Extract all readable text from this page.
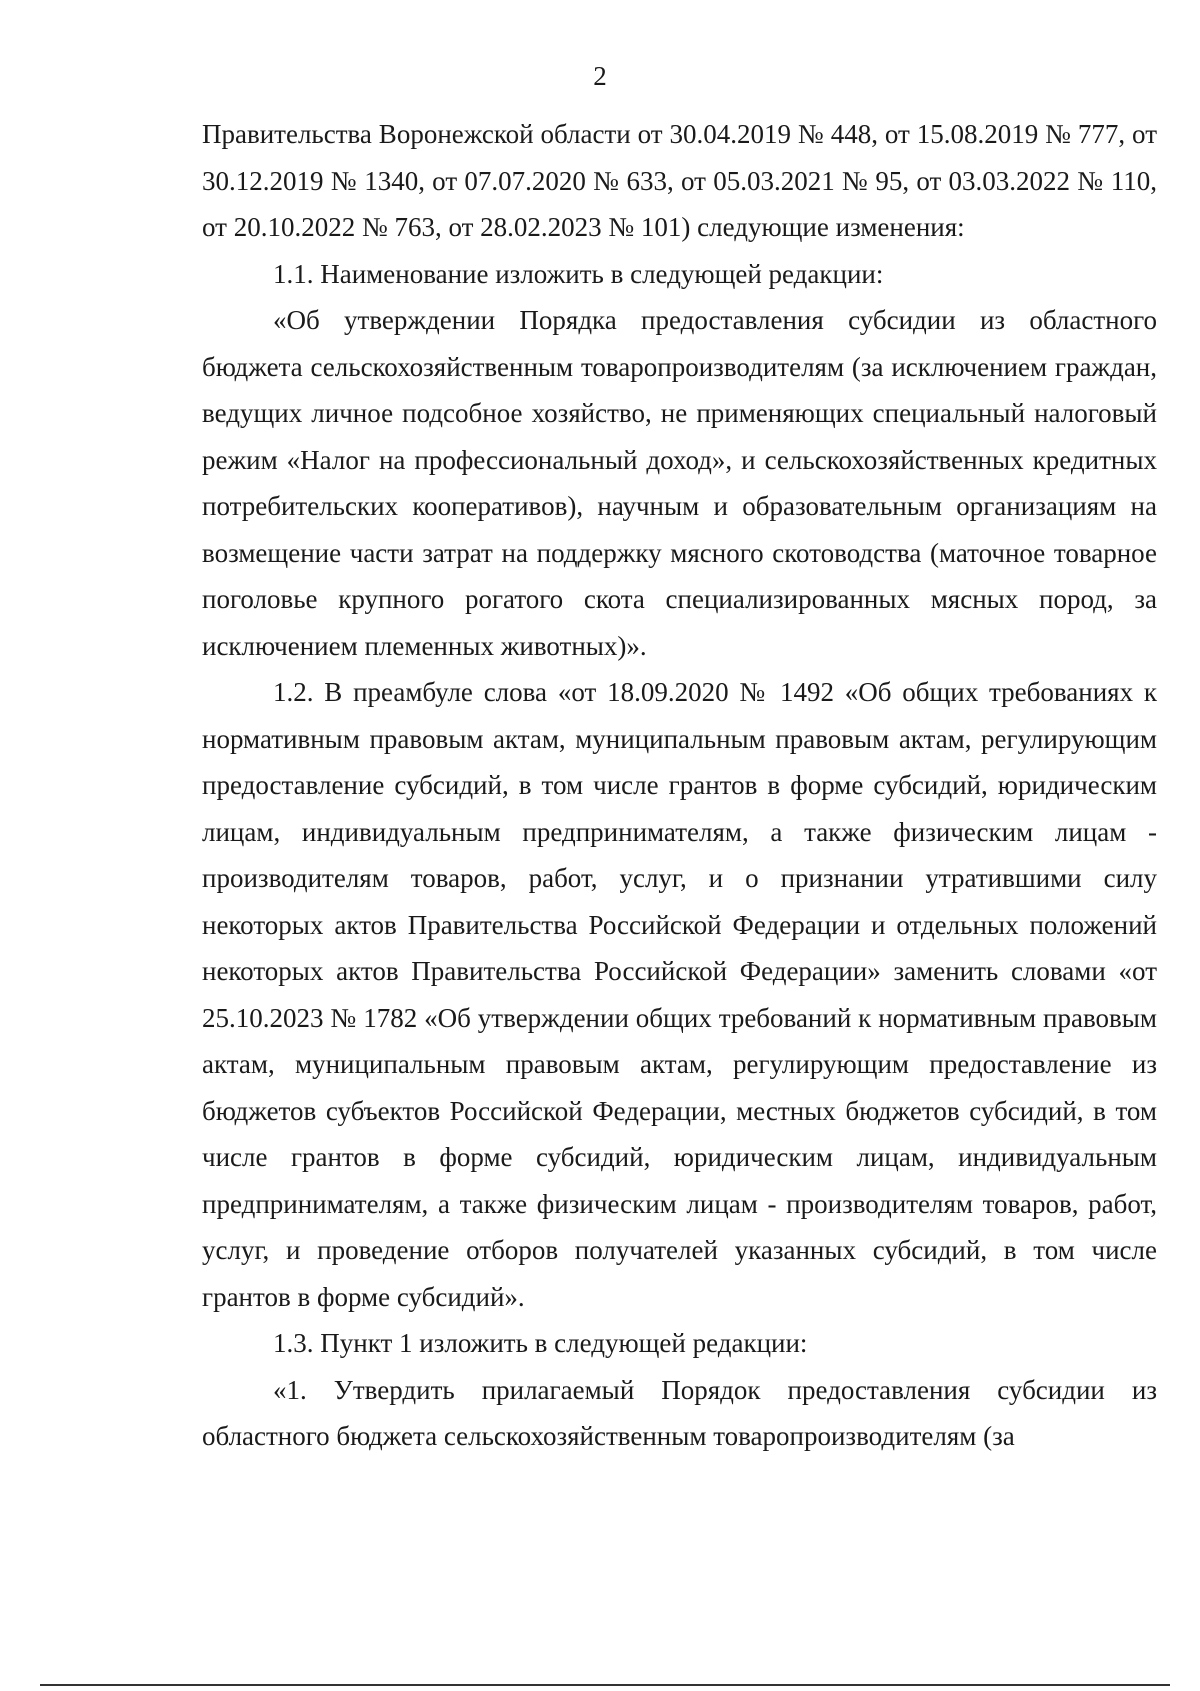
2

Правительства Воронежской области от 30.04.2019 № 448, от 15.08.2019 № 777, от 30.12.2019 № 1340, от 07.07.2020 № 633, от 05.03.2021 № 95, от 03.03.2022 № 110, от 20.10.2022 № 763, от 28.02.2023 № 101) следующие изменения:

1.1. Наименование изложить в следующей редакции:

«Об утверждении Порядка предоставления субсидии из областного бюджета сельскохозяйственным товаропроизводителям (за исключением граждан, ведущих личное подсобное хозяйство, не применяющих специальный налоговый режим «Налог на профессиональный доход», и сельскохозяйственных кредитных потребительских кооперативов), научным и образовательным организациям на возмещение части затрат на поддержку мясного скотоводства (маточное товарное поголовье крупного рогатого скота специализированных мясных пород, за исключением племенных животных)».

1.2. В преамбуле слова «от 18.09.2020 № 1492 «Об общих требованиях к нормативным правовым актам, муниципальным правовым актам, регулирующим предоставление субсидий, в том числе грантов в форме субсидий, юридическим лицам, индивидуальным предпринимателям, а также физическим лицам - производителям товаров, работ, услуг, и о признании утратившими силу некоторых актов Правительства Российской Федерации и отдельных положений некоторых актов Правительства Российской Федерации» заменить словами «от 25.10.2023 № 1782 «Об утверждении общих требований к нормативным правовым актам, муниципальным правовым актам, регулирующим предоставление из бюджетов субъектов Российской Федерации, местных бюджетов субсидий, в том числе грантов в форме субсидий, юридическим лицам, индивидуальным предпринимателям, а также физическим лицам - производителям товаров, работ, услуг, и проведение отборов получателей указанных субсидий, в том числе грантов в форме субсидий».

1.3. Пункт 1 изложить в следующей редакции:

«1. Утвердить прилагаемый Порядок предоставления субсидии из областного бюджета сельскохозяйственным товаропроизводителям (за
